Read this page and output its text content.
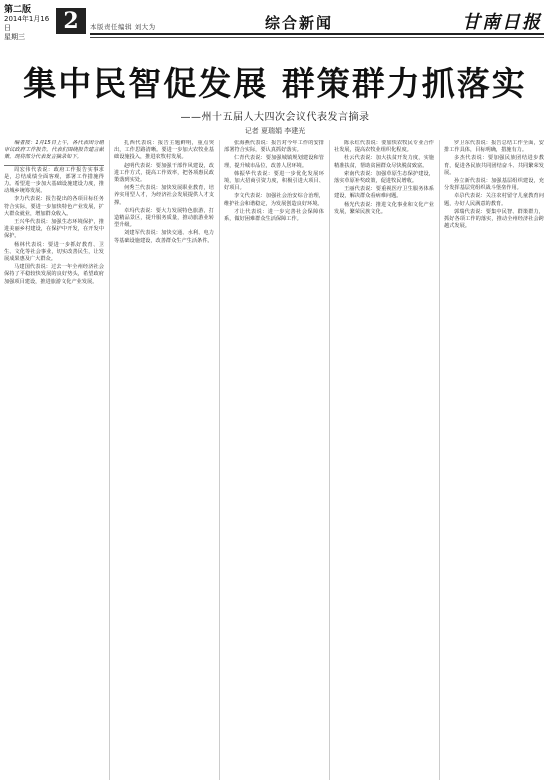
第二版
2014年1月16日
星期三
2	本版责任编辑 刘大为	综合新闻	甘南日报
集中民智促发展 群策群力抓落实
——州十五届人大四次会议代表发言摘录
记者 夏瑞娟 李建光
编者按：1月15日上午，各代表团分组审议政府工作报告。代表们围绕报告建言献策。现将部分代表发言摘录如下。
周宏伟代表说：政府工作报告实事求是，总结成绩全面客观，部署工作措施得力。希望进一步加大基础设施建设力度，推动城乡统筹发展。
李力代表说：报告提出的各项目标任务符合实际，要进一步加快特色产业发展，扩大群众就业，增加群众收入。
王兴华代表说：加强生态环境保护，推进美丽乡村建设，在保护中开发，在开发中保护。
杨林代表说：要进一步抓好教育、卫生、文化等社会事业，切实改善民生，让发展成果惠及广大群众。
马建国代表说：过去一年全州经济社会保持了平稳较快发展的良好势头，希望政府加强项目建设，推进旅游文化产业发展。
扎西代表说：报告主题鲜明，重点突出，工作思路清晰。要进一步加大农牧业基础设施投入，推进农牧村发展。
赵明代表说：要加强干部作风建设，改进工作方式，提高工作效率，把各项惠民政策落到实处。
何秀兰代表说：加快发展职业教育，培养实用型人才，为经济社会发展提供人才支撑。
卓玛代表说：要大力发展特色旅游，打造精品景区，提升服务质量，推动旅游业转型升级。
刘建军代表说：加快交通、水利、电力等基础设施建设，改善群众生产生活条件。
张海燕代表说：报告对今年工作的安排部署符合实际，要认真抓好落实。
仁青代表说：要加强城镇规划建设和管理，提升城市品位，改善人居环境。
韩振华代表说：要进一步优化发展环境，加大招商引资力度，积极引进大项目、好项目。
李文代表说：加强社会治安综合治理，维护社会和谐稳定，为发展创造良好环境。
才让代表说：进一步完善社会保障体系，做好困难群众生活保障工作。
陈永红代表说：要加快农牧民专业合作社发展，提高农牧业组织化程度。
杜云代表说：加大扶贫开发力度，实施精准扶贫，帮助贫困群众尽快脱贫致富。
索南代表说：加强草原生态保护建设，落实草原补奖政策，促进牧民增收。
王丽代表说：要重视医疗卫生服务体系建设，解决群众看病难问题。
杨光代表说：推进文化事业和文化产业发展，繁荣民族文化。
罗卫东代表说：报告总结工作全面，安排工作具体，目标明确，措施有力。
多杰代表说：要加强民族团结进步教育，促进各民族共同团结奋斗、共同繁荣发展。
孙立新代表说：加强基层组织建设，充分发挥基层党组织战斗堡垒作用。
卓尕代表说：关注农村留守儿童教育问题，办好人民满意的教育。
郭瑞代表说：要集中民智、群策群力，抓好各项工作的落实，推动全州经济社会跨越式发展。
